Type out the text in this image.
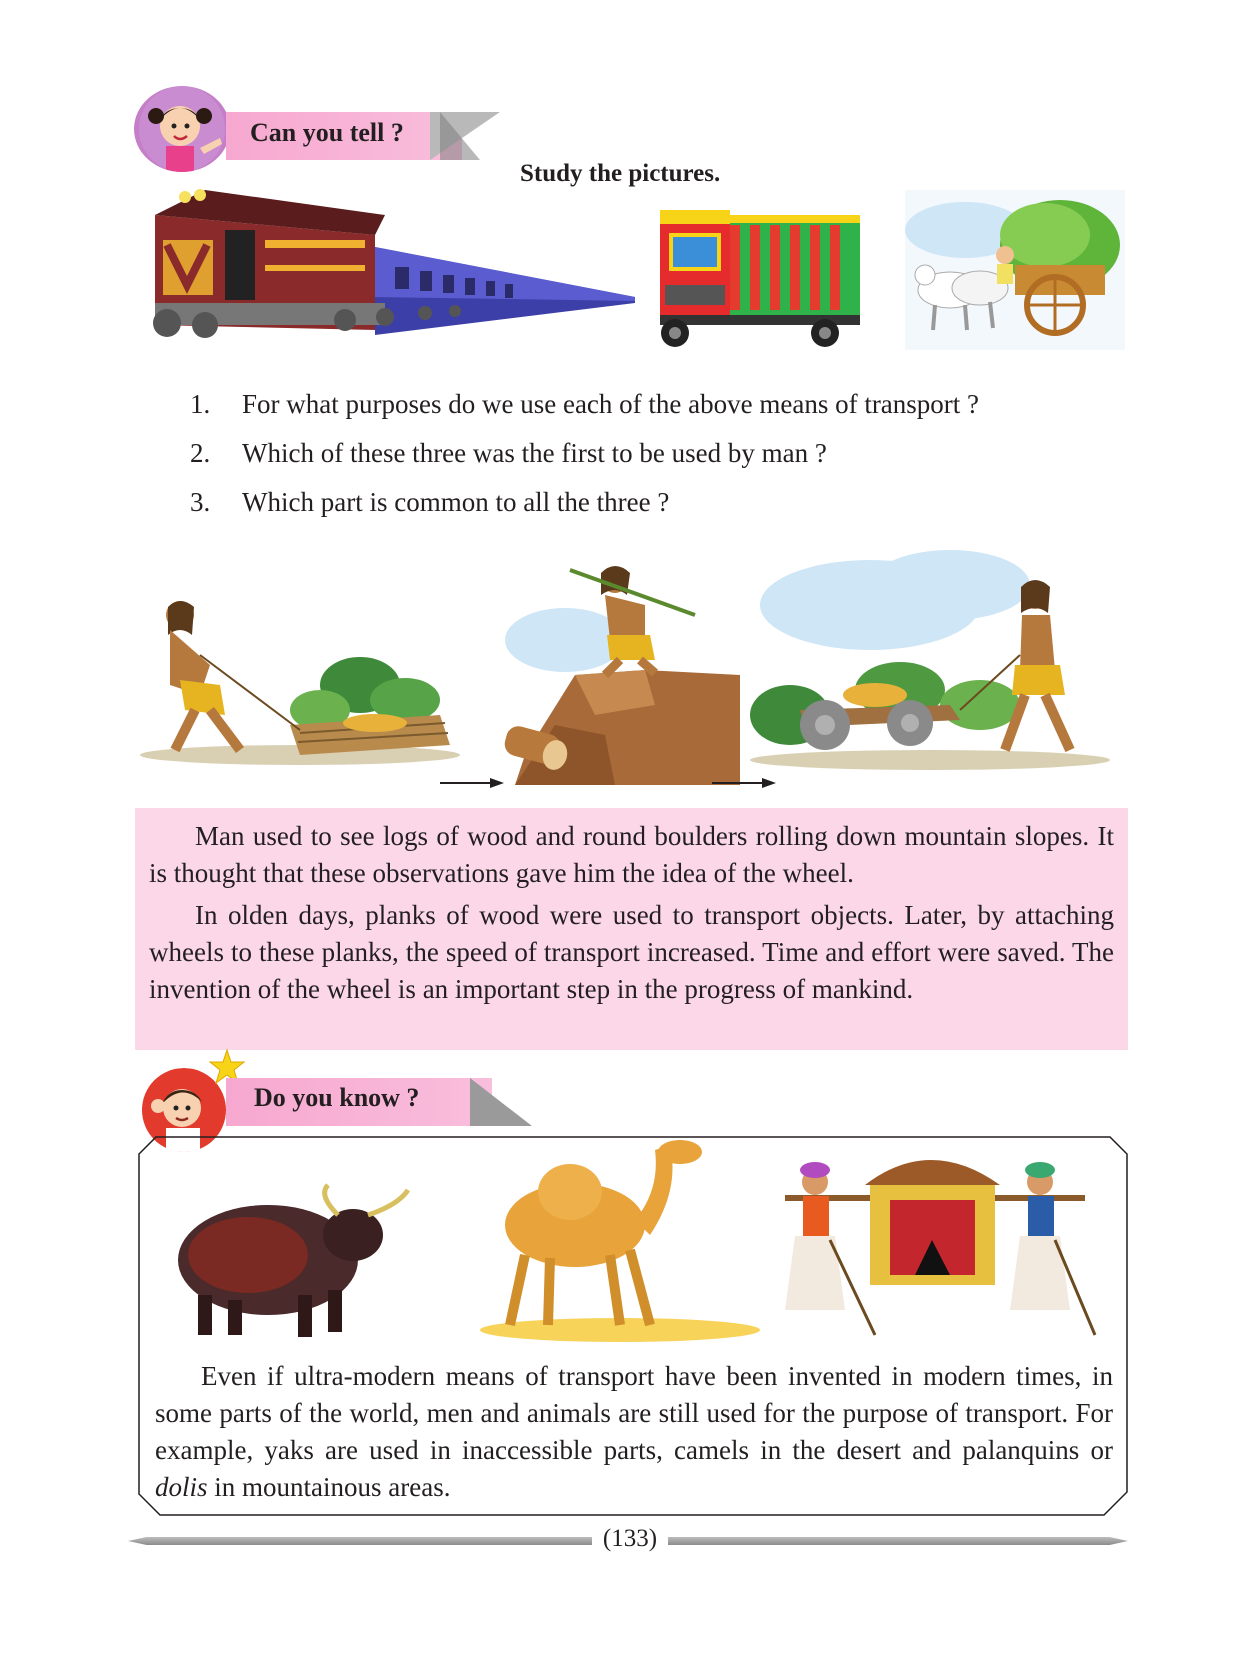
Can you tell ?
Study the pictures.
1.	For what purposes do we use each of the above means of transport ?
2.	Which of these three was the first to be used by man ?
3.	Which part is common to all the three ?

Man used to see logs of wood and round boulders rolling down mountain slopes. It is thought that these observations gave him the idea of the wheel.

In olden days, planks of wood were used to transport objects. Later, by attaching wheels to these planks, the speed of transport increased. Time and effort were saved. The invention of the wheel is an important step in the progress of mankind.

Do you know ?
Even if ultra-modern means of transport have been invented in modern times, in some parts of the world, men and animals are still used for the purpose of transport. For example, yaks are used in inaccessible parts, camels in the desert and palanquins or dolis in mountainous areas.
(133)
